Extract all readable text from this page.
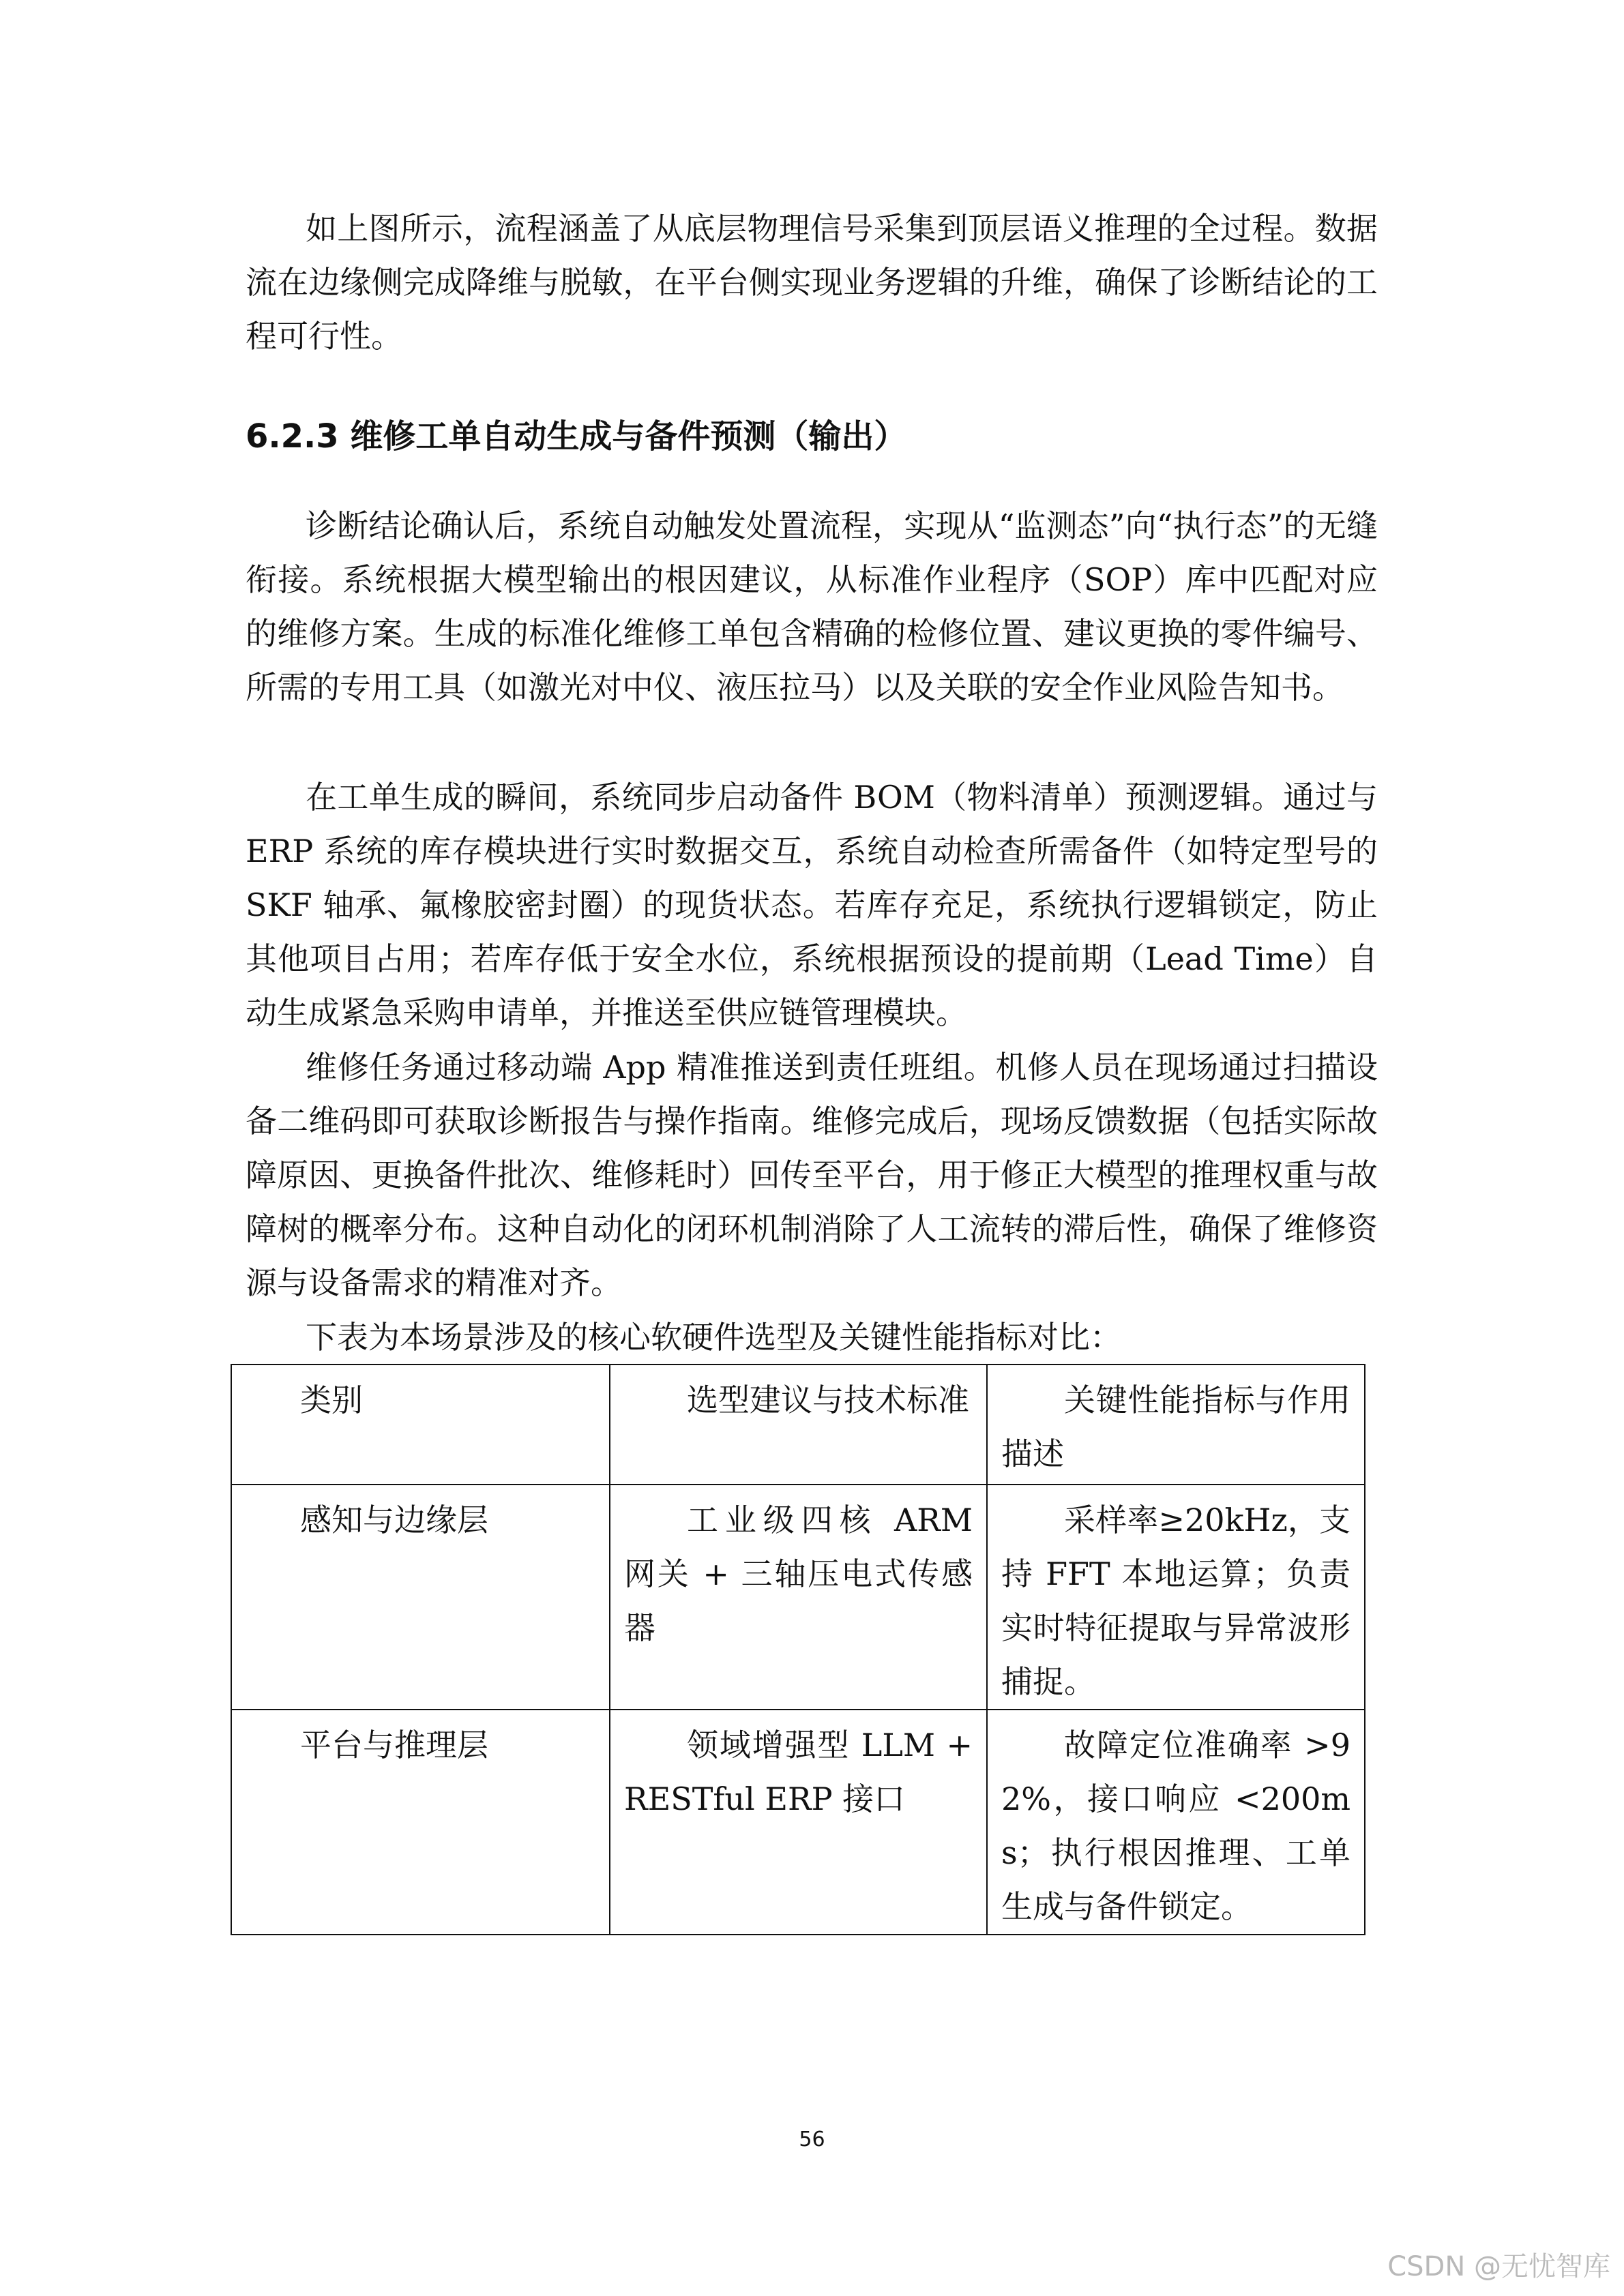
如上图所示，流程涵盖了从底层物理信号采集到顶层语义推理的全过程。数据流在边缘侧完成降维与脱敏，在平台侧实现业务逻辑的升维，确保了诊断结论的工程可行性。

6.2.3 维修工单自动生成与备件预测（输出）

诊断结论确认后，系统自动触发处置流程，实现从“监测态”向“执行态”的无缝衔接。系统根据大模型输出的根因建议，从标准作业程序（SOP）库中匹配对应的维修方案。生成的标准化维修工单包含精确的检修位置、建议更换的零件编号、所需的专用工具（如激光对中仪、液压拉马）以及关联的安全作业风险告知书。

在工单生成的瞬间，系统同步启动备件 BOM（物料清单）预测逻辑。通过与 ERP 系统的库存模块进行实时数据交互，系统自动检查所需备件（如特定型号的 SKF 轴承、氟橡胶密封圈）的现货状态。若库存充足，系统执行逻辑锁定，防止其他项目占用；若库存低于安全水位，系统根据预设的提前期（Lead Time）自动生成紧急采购申请单，并推送至供应链管理模块。

维修任务通过移动端 App 精准推送到责任班组。机修人员在现场通过扫描设备二维码即可获取诊断报告与操作指南。维修完成后，现场反馈数据（包括实际故障原因、更换备件批次、维修耗时）回传至平台，用于修正大模型的推理权重与故障树的概率分布。这种自动化的闭环机制消除了人工流转的滞后性，确保了维修资源与设备需求的精准对齐。

下表为本场景涉及的核心软硬件选型及关键性能指标对比：

类别	选型建议与技术标准	关键性能指标与作用描述

感知与边缘层	工业级四核 ARM 网关 + 三轴压电式传感器	采样率≥20kHz，支持 FFT 本地运算；负责实时特征提取与异常波形捕捉。

平台与推理层	领域增强型 LLM + RESTful ERP 接口	故障定位准确率 >92%，接口响应 <200ms；执行根因推理、工单生成与备件锁定。
56
CSDN @无忧智库
